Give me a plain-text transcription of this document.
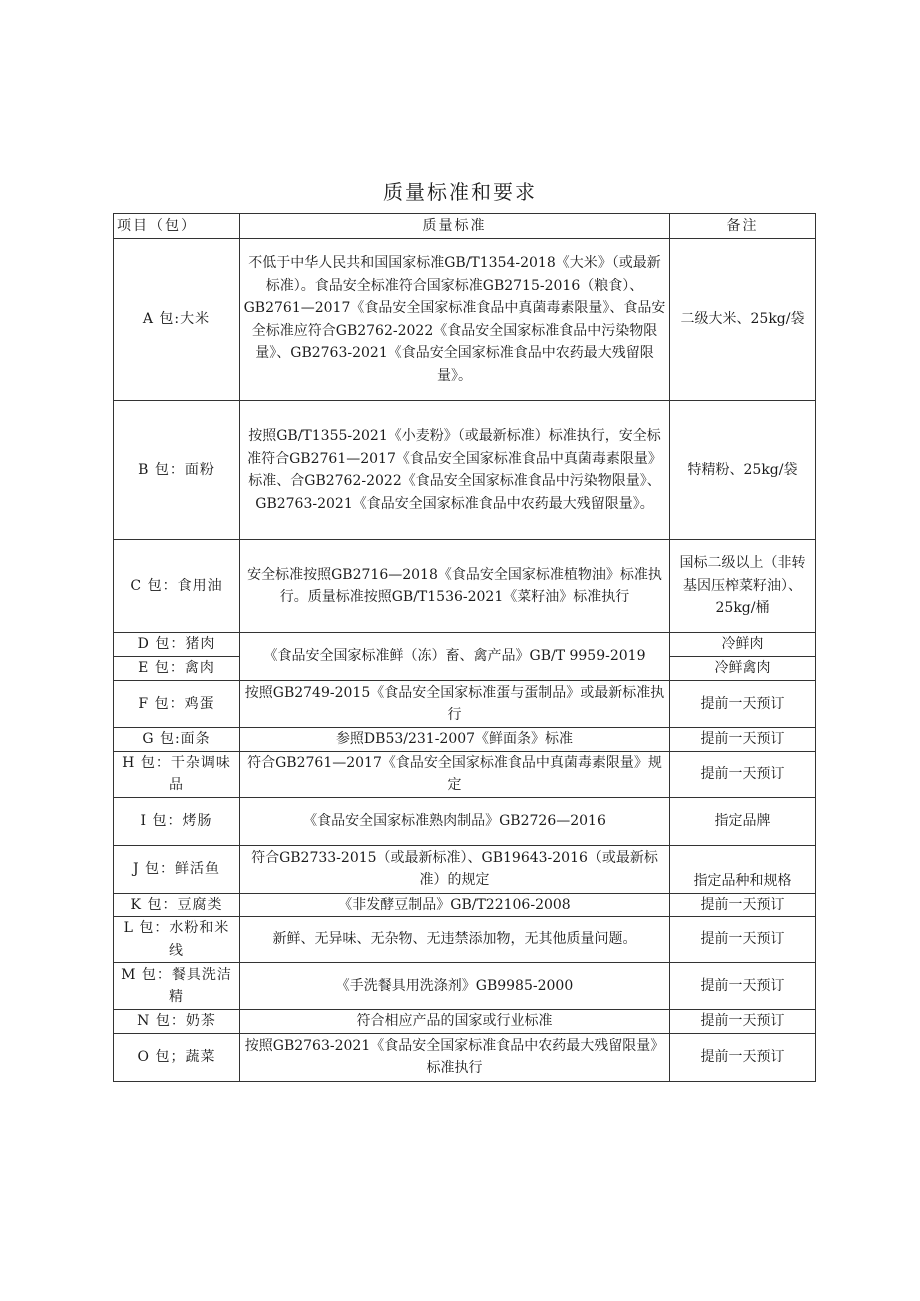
质量标准和要求
项目（包）	质量标准	备注
A 包:大米	不低于中华人民共和国国家标准GB/T1354-2018《大米》（或最新标准）。食品安全标准符合国家标准GB2715-2016（粮食）、GB2761—2017《食品安全国家标准食品中真菌毒素限量》、食品安全标准应符合GB2762-2022《食品安全国家标准食品中污染物限量》、GB2763-2021《食品安全国家标准食品中农药最大残留限量》。	二级大米、25kg/袋
B 包：面粉	按照GB/T1355-2021《小麦粉》（或最新标准）标准执行，安全标准符合GB2761—2017《食品安全国家标准食品中真菌毒素限量》标准、合GB2762-2022《食品安全国家标准食品中污染物限量》、GB2763-2021《食品安全国家标准食品中农药最大残留限量》。	特精粉、25kg/袋
C 包：食用油	安全标准按照GB2716—2018《食品安全国家标准植物油》标准执行。质量标准按照GB/T1536-2021《菜籽油》标准执行	国标二级以上（非转基因压榨菜籽油）、25kg/桶
D 包：猪肉	《食品安全国家标准鲜（冻）畜、禽产品》GB/T 9959-2019	冷鲜肉
E 包：禽肉		冷鲜禽肉
F 包：鸡蛋	按照GB2749-2015《食品安全国家标准蛋与蛋制品》或最新标准执行	提前一天预订
G 包:面条	参照DB53/231-2007《鲜面条》标准	提前一天预订
H 包：干杂调味品	符合GB2761—2017《食品安全国家标准食品中真菌毒素限量》规定	提前一天预订
I 包：烤肠	《食品安全国家标准熟肉制品》GB2726—2016	指定品牌
J 包：鲜活鱼	符合GB2733-2015（或最新标准）、GB19643-2016（或最新标准）的规定	指定品种和规格
K 包：豆腐类	《非发酵豆制品》GB/T22106-2008	提前一天预订
L 包：水粉和米线	新鲜、无异味、无杂物、无违禁添加物，无其他质量问题。	提前一天预订
M 包：餐具洗洁精	《手洗餐具用洗涤剂》GB9985-2000	提前一天预订
N 包：奶茶	符合相应产品的国家或行业标准	提前一天预订
O 包；蔬菜	按照GB2763-2021《食品安全国家标准食品中农药最大残留限量》标准执行	提前一天预订
